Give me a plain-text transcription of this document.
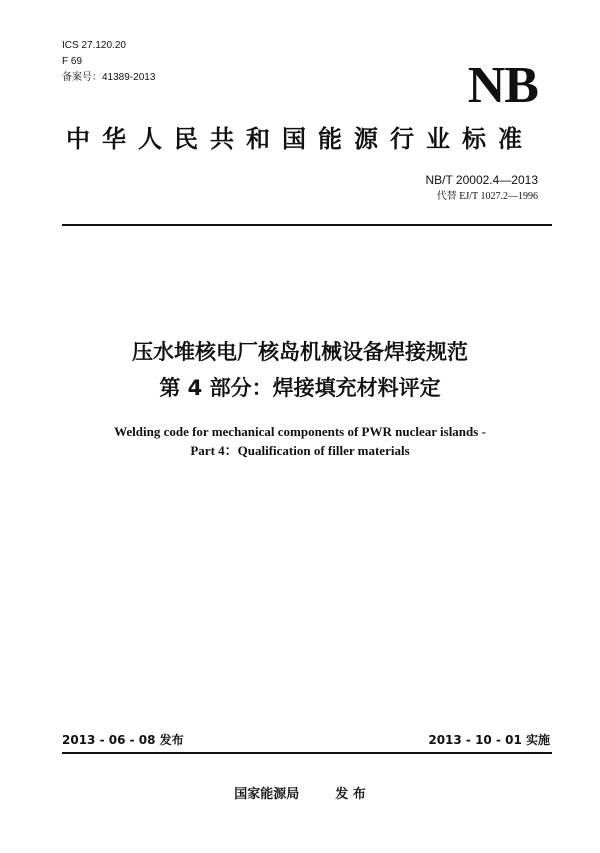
ICS 27.120.20
F 69
备案号：41389-2013	NB
中华人民共和国能源行业标准
NB/T 20002.4—2013
代替 EJ/T 1027.2—1996
压水堆核电厂核岛机械设备焊接规范
第 4 部分：焊接填充材料评定
Welding code for mechanical components of PWR nuclear islands -
Part 4：Qualification of filler materials
2013 - 06 - 08 发布	2013 - 10 - 01 实施
国家能源局	发 布
